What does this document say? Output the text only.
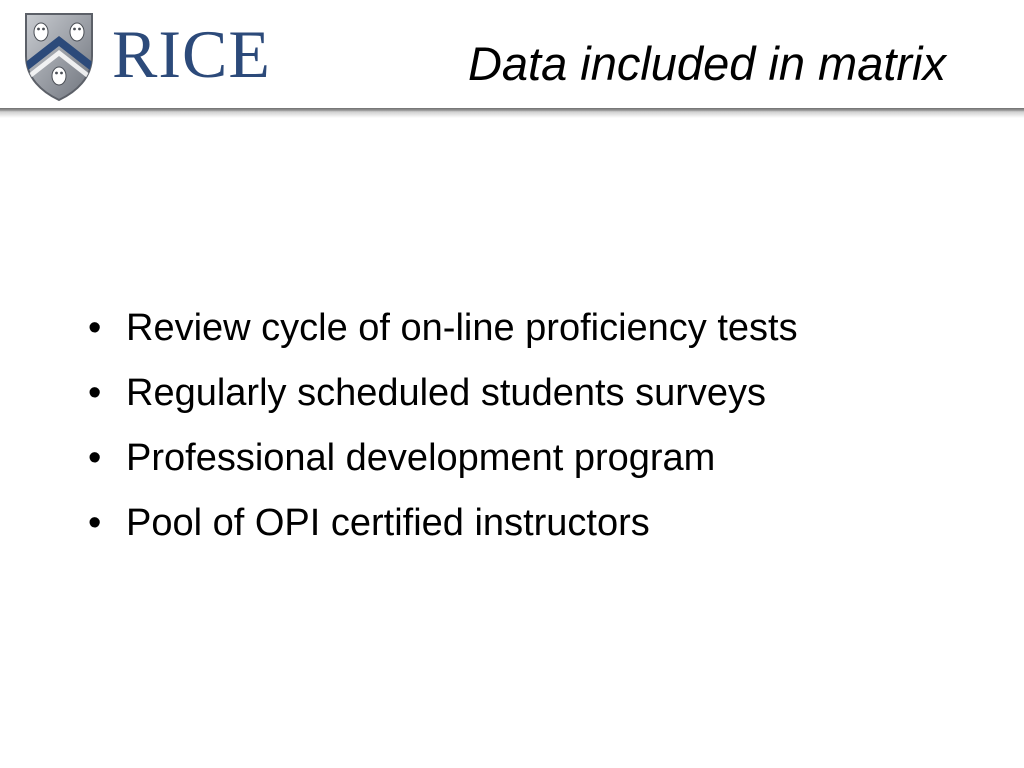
RICE	Data included in matrix
• Review cycle of on-line proficiency tests
• Regularly scheduled students surveys
• Professional development program
• Pool of OPI certified instructors
